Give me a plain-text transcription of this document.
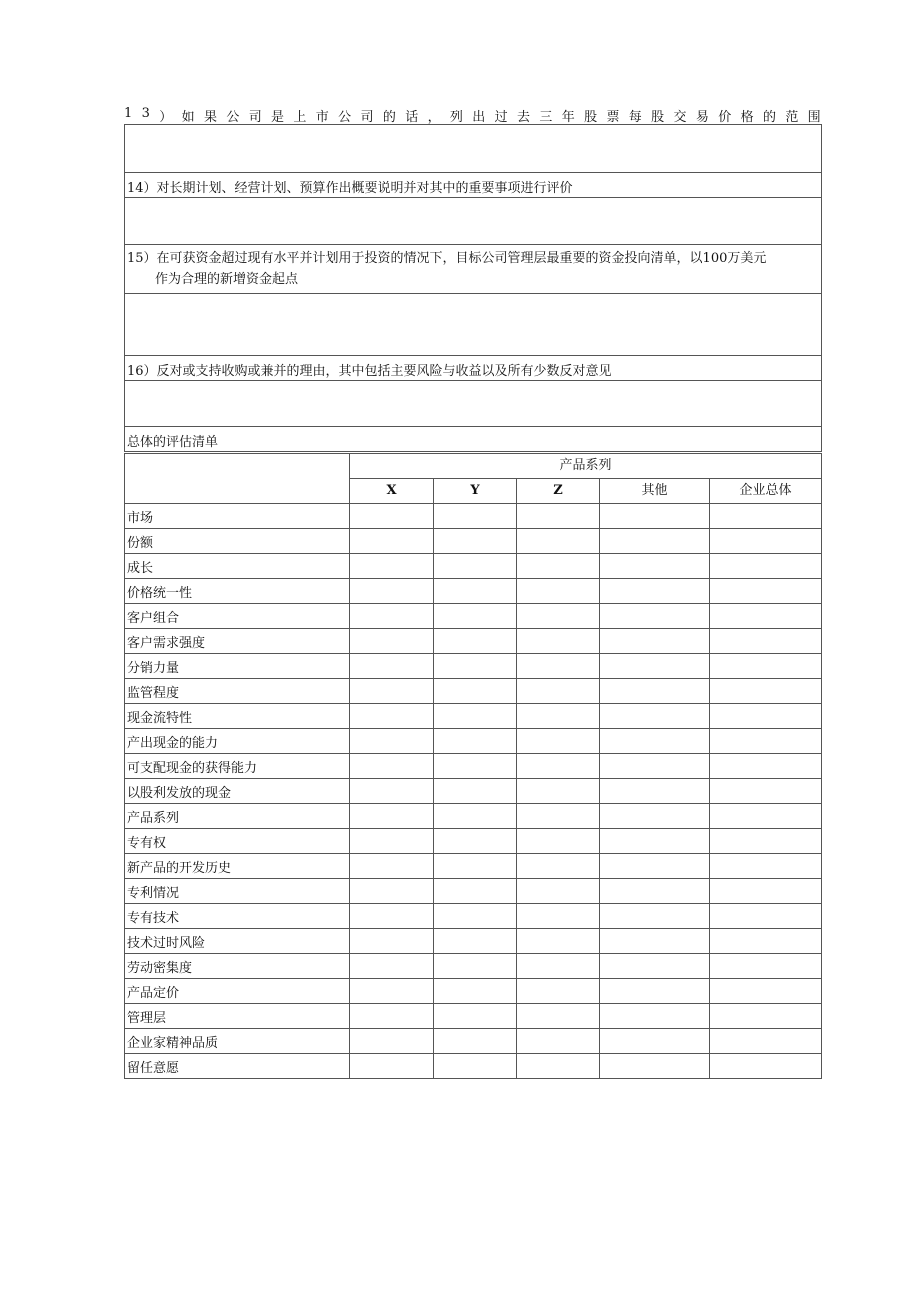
1 3 ） 如 果 公 司 是 上 市 公 司 的 话 ， 列 出 过 去 三 年 股 票 每 股 交 易 价 格 的 范 围

14）对长期计划、经营计划、预算作出概要说明并对其中的重要事项进行评价

15）在可获资金超过现有水平并计划用于投资的情况下，目标公司管理层最重要的资金投向清单，以100万美元
作为合理的新增资金起点

16）反对或支持收购或兼并的理由，其中包括主要风险与收益以及所有少数反对意见

总体的评估清单
	产品系列				
	X	Y	Z	其他	企业总体
市场					
份额					
成长					
价格统一性					
客户组合					
客户需求强度					
分销力量					
监管程度					
现金流特性					
产出现金的能力					
可支配现金的获得能力					
以股利发放的现金					
产品系列					
专有权					
新产品的开发历史					
专利情况					
专有技术					
技术过时风险					
劳动密集度					
产品定价					
管理层					
企业家精神品质					
留任意愿					
